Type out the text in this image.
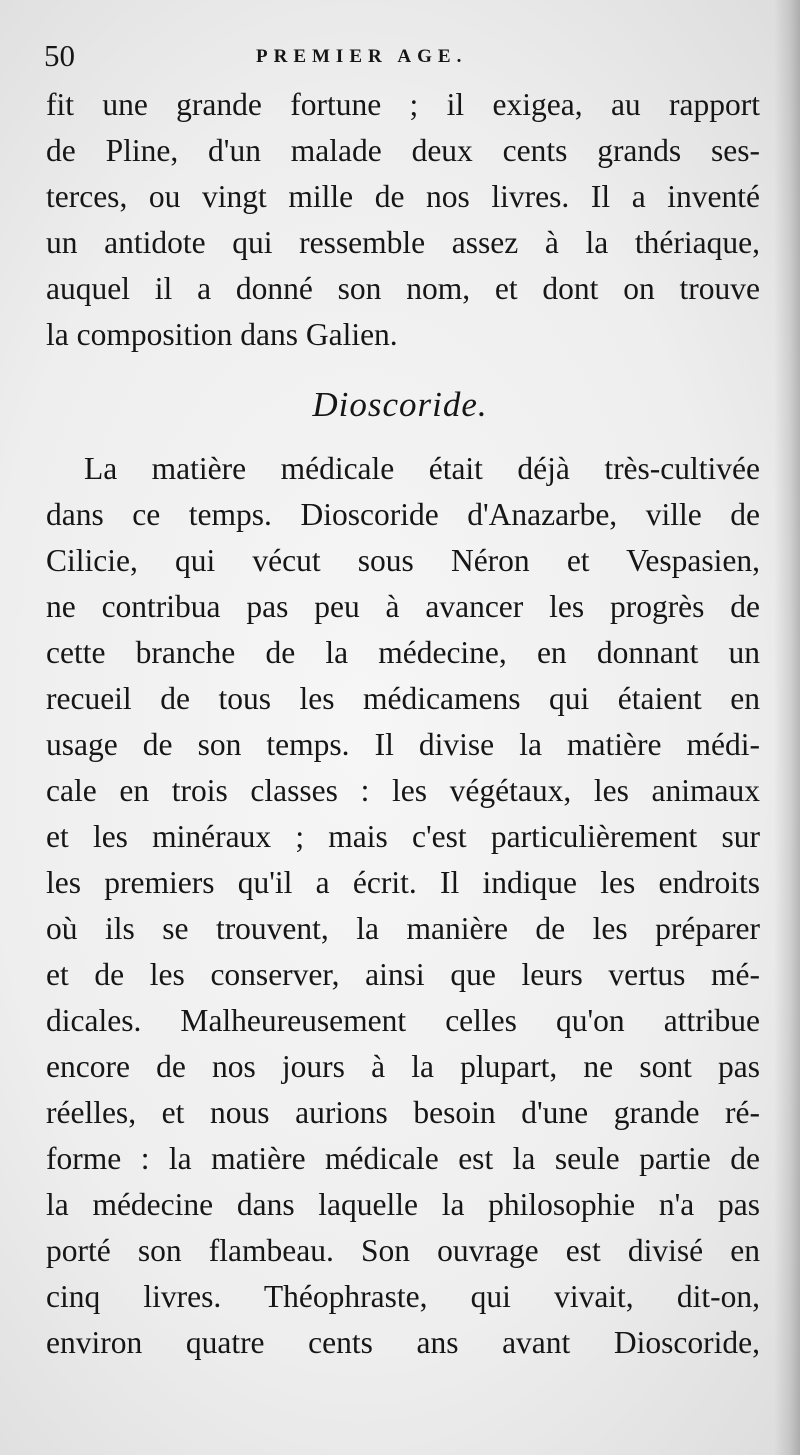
50	PREMIER AGE.
fit une grande fortune ; il exigea, au rapport
de Pline, d'un malade deux cents grands ses-
terces, ou vingt mille de nos livres. Il a inventé
un antidote qui ressemble assez à la thériaque,
auquel il a donné son nom, et dont on trouve
la composition dans Galien.
Dioscoride.
La matière médicale était déjà très-cultivée
dans ce temps. Dioscoride d'Anazarbe, ville de
Cilicie, qui vécut sous Néron et Vespasien,
ne contribua pas peu à avancer les progrès de
cette branche de la médecine, en donnant un
recueil de tous les médicamens qui étaient en
usage de son temps. Il divise la matière médi-
cale en trois classes : les végétaux, les animaux
et les minéraux ; mais c'est particulièrement sur
les premiers qu'il a écrit. Il indique les endroits
où ils se trouvent, la manière de les préparer
et de les conserver, ainsi que leurs vertus mé-
dicales. Malheureusement celles qu'on attribue
encore de nos jours à la plupart, ne sont pas
réelles, et nous aurions besoin d'une grande ré-
forme : la matière médicale est la seule partie de
la médecine dans laquelle la philosophie n'a pas
porté son flambeau. Son ouvrage est divisé en
cinq livres. Théophraste, qui vivait, dit-on,
environ quatre cents ans avant Dioscoride,
